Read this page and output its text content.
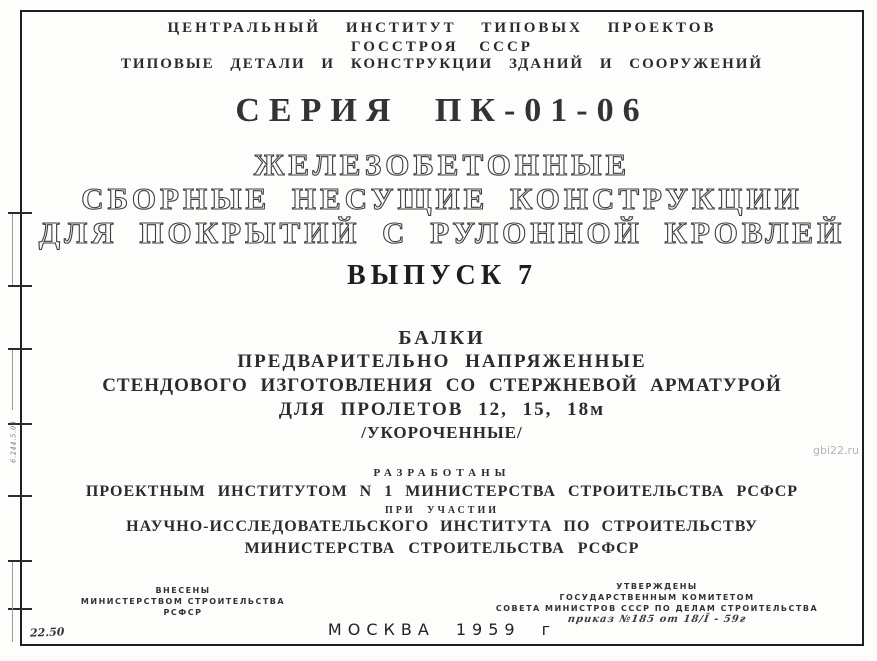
ЦЕНТРАЛЬНЫЙ ИНСТИТУТ ТИПОВЫХ ПРОЕКТОВ
ГОССТРОЯ СССР
ТИПОВЫЕ ДЕТАЛИ И КОНСТРУКЦИИ ЗДАНИЙ И СООРУЖЕНИЙ
СЕРИЯ ПК-01-06
ЖЕЛЕЗОБЕТОННЫЕ
СБОРНЫЕ НЕСУЩИЕ КОНСТРУКЦИИ
ДЛЯ ПОКРЫТИЙ С РУЛОННОЙ КРОВЛЕЙ
ВЫПУСК 7
БАЛКИ
ПРЕДВАРИТЕЛЬНО НАПРЯЖЕННЫЕ
СТЕНДОВОГО ИЗГОТОВЛЕНИЯ СО СТЕРЖНЕВОЙ АРМАТУРОЙ
ДЛЯ ПРОЛЕТОВ 12, 15, 18м
/УКОРОЧЕННЫЕ/
РАЗРАБОТАНЫ
ПРОЕКТНЫМ ИНСТИТУТОМ N 1 МИНИСТЕРСТВА СТРОИТЕЛЬСТВА РСФСР
ПРИ УЧАСТИИ
НАУЧНО-ИССЛЕДОВАТЕЛЬСКОГО ИНСТИТУТА ПО СТРОИТЕЛЬСТВУ
МИНИСТЕРСТВА СТРОИТЕЛЬСТВА РСФСР
ВНЕСЕНЫ
МИНИСТЕРСТВОМ СТРОИТЕЛЬСТВА
РСФСР
УТВЕРЖДЕНЫ
ГОСУДАРСТВЕННЫМ КОМИТЕТОМ
СОВЕТА МИНИСТРОВ СССР ПО ДЕЛАМ СТРОИТЕЛЬСТВА
приказ №185 от 18/Ī - 59г
МОСКВА 1959 г
22.50
6.244.5.08	gbi22.ru
